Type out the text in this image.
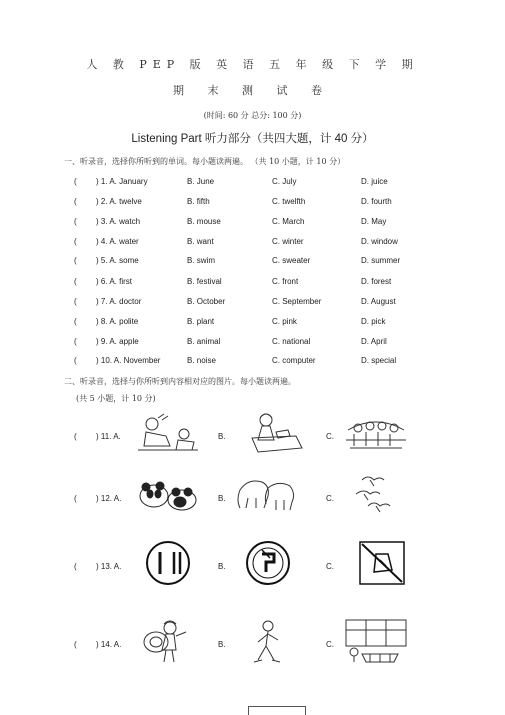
人 教 PEP 版 英 语 五 年 级 下 学 期
期 末 测 试 卷
(时间: 60 分 总分: 100 分)
Listening Part 听力部分（共四大题，计 40 分）
一、听录音，选择你所听到的单词。每小题读两遍。 （共 10 小题，计 10 分）
( ) 1. A. January	B. June	C. July	D. juice
( ) 2. A. twelve	B. fifth	C. twelfth	D. fourth
( ) 3. A. watch	B. mouse	C. March	D. May
( ) 4. A. water	B. want	C. winter	D. window
( ) 5. A. some	B. swim	C. sweater	D. summer
( ) 6. A. first	B. festival	C. front	D. forest
( ) 7. A. doctor	B. October	C. September	D. August
( ) 8. A. polite	B. plant	C. pink	D. pick
( ) 9. A. apple	B. animal	C. national	D. April
( ) 10. A. November	B. noise	C. computer	D. special
二、听录音，选择与你所听到内容相对应的图片。每小题读两遍。
(共 5 小题，计 10 分)
( ) 11. A.	B.	C.
( ) 12. A.	B.	C.
( ) 13. A.	B.	C.
( ) 14. A.	B.	C.
